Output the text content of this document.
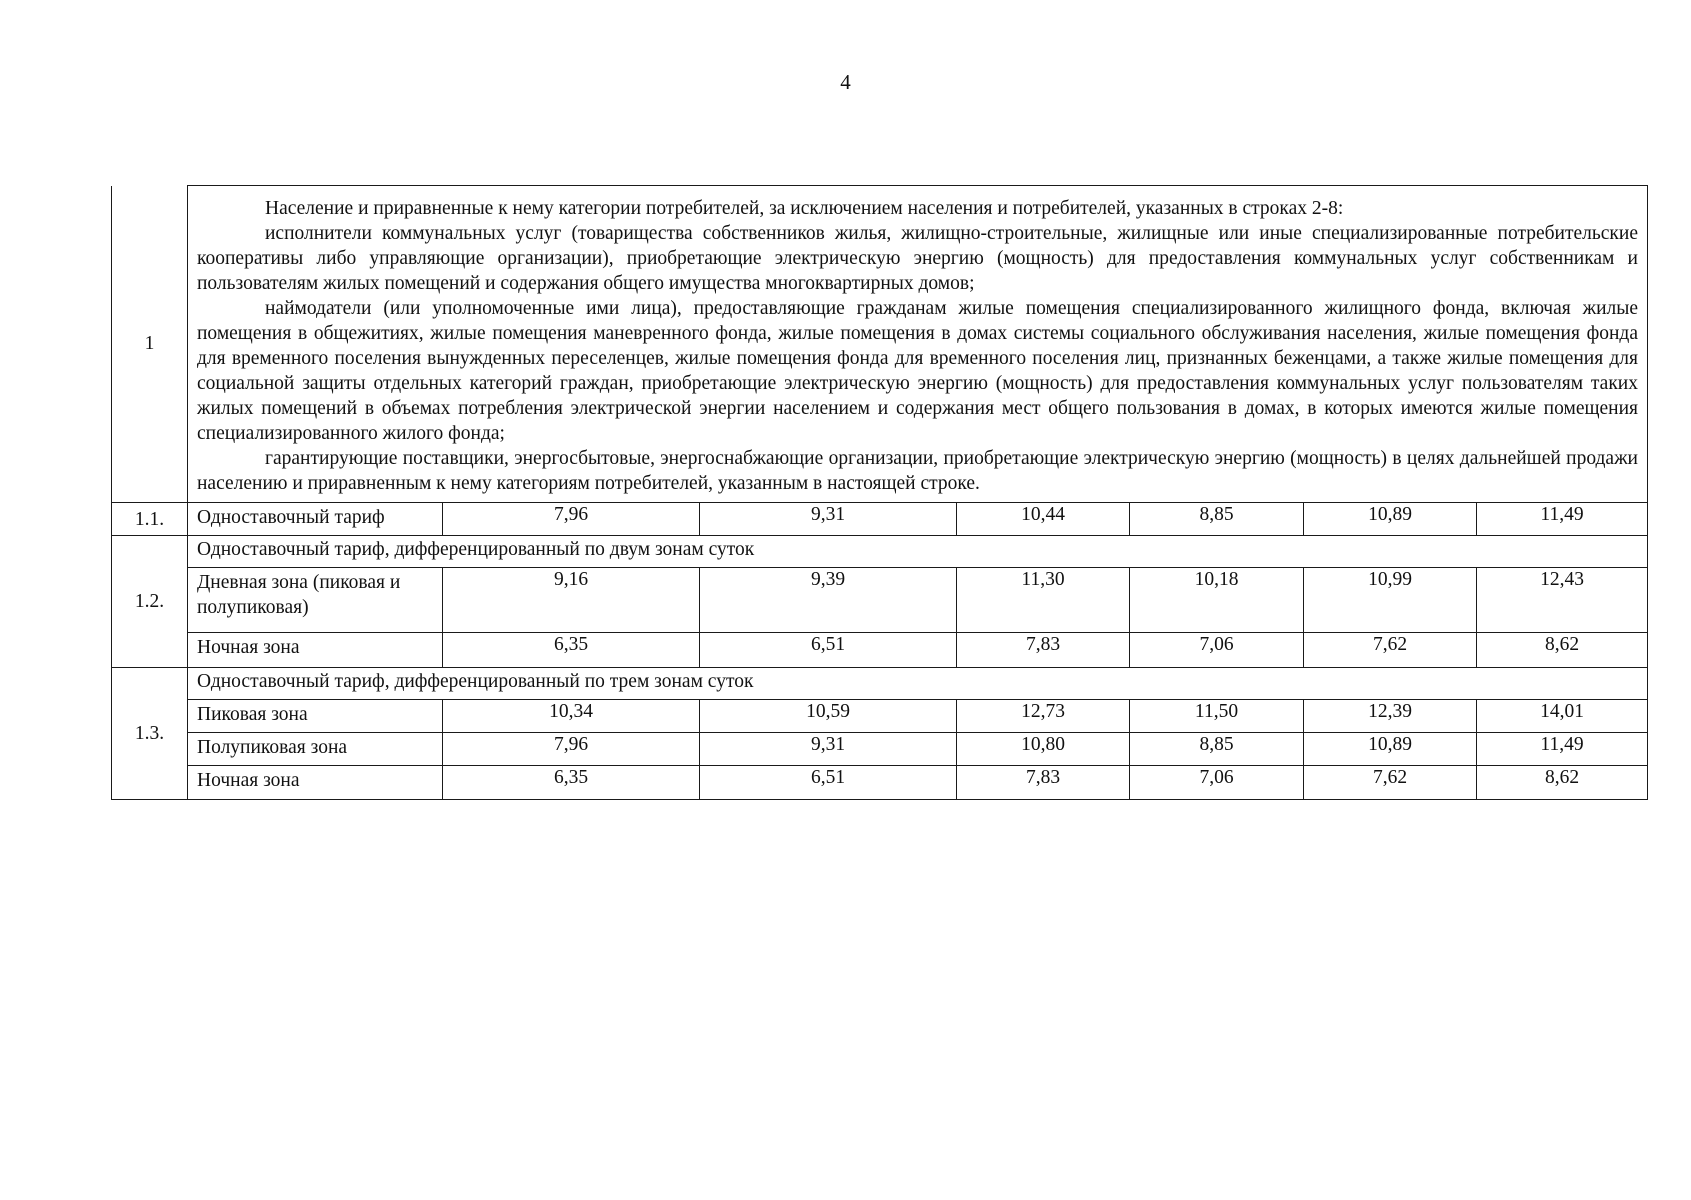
4
1	Население и приравненные к нему категории потребителей, за исключением населения и потребителей, указанных в строках 2-8:

исполнители коммунальных услуг (товарищества собственников жилья, жилищно-строительные, жилищные или иные специализированные потребительские кооперативы либо управляющие организации), приобретающие электрическую энергию (мощность) для предоставления коммунальных услуг собственникам и пользователям жилых помещений и содержания общего имущества многоквартирных домов;

наймодатели (или уполномоченные ими лица), предоставляющие гражданам жилые помещения специализированного жилищного фонда, включая жилые помещения в общежитиях, жилые помещения маневренного фонда, жилые помещения в домах системы социального обслуживания населения, жилые помещения фонда для временного поселения вынужденных переселенцев, жилые помещения фонда для временного поселения лиц, признанных беженцами, а также жилые помещения для социальной защиты отдельных категорий граждан, приобретающие электрическую энергию (мощность) для предоставления коммунальных услуг пользователям таких жилых помещений в объемах потребления электрической энергии населением и содержания мест общего пользования в домах, в которых имеются жилые помещения специализированного жилого фонда;

гарантирующие поставщики, энергосбытовые, энергоснабжающие организации, приобретающие электрическую энергию (мощность) в целях дальнейшей продажи населению и приравненным к нему категориям потребителей, указанным в настоящей строке.						

1.1.	Одноставочный тариф	7,96	9,31	10,44	8,85	10,89	11,49
1.2.	Одноставочный тариф, дифференцированный по двум зонам суток						
	Дневная зона (пиковая и полупиковая)	9,16	9,39	11,30	10,18	10,99	12,43
	Ночная зона	6,35	6,51	7,83	7,06	7,62	8,62
1.3.	Одноставочный тариф, дифференцированный по трем зонам суток						
	Пиковая зона	10,34	10,59	12,73	11,50	12,39	14,01
	Полупиковая зона	7,96	9,31	10,80	8,85	10,89	11,49
	Ночная зона	6,35	6,51	7,83	7,06	7,62	8,62
